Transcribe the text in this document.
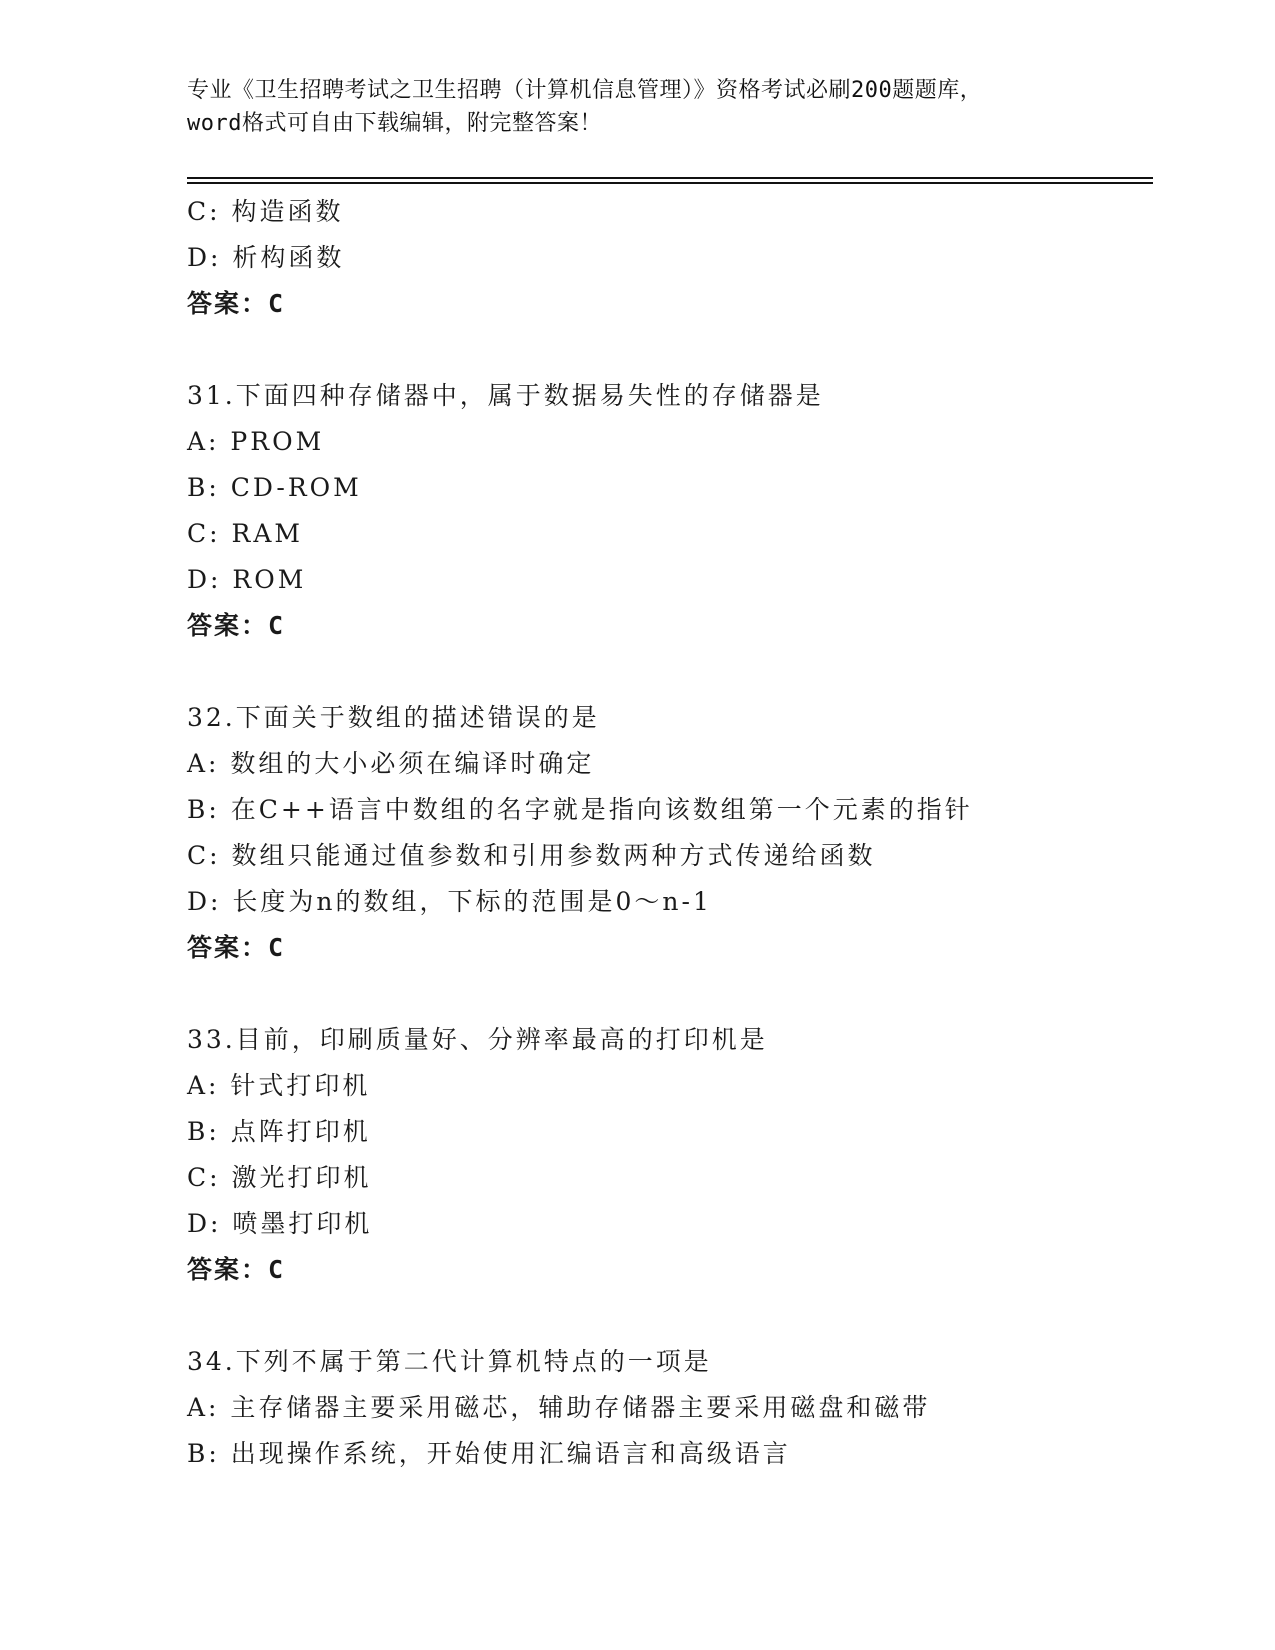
专业《卫生招聘考试之卫生招聘（计算机信息管理）》资格考试必刷200题题库，
word格式可自由下载编辑，附完整答案！
C: 构造函数
D: 析构函数
答案：C
31.下面四种存储器中，属于数据易失性的存储器是
A: PROM
B: CD-ROM
C: RAM
D: ROM
答案：C
32.下面关于数组的描述错误的是
A: 数组的大小必须在编译时确定
B: 在C++语言中数组的名字就是指向该数组第一个元素的指针
C: 数组只能通过值参数和引用参数两种方式传递给函数
D: 长度为n的数组，下标的范围是0～n-1
答案：C
33.目前，印刷质量好、分辨率最高的打印机是
A: 针式打印机
B: 点阵打印机
C: 激光打印机
D: 喷墨打印机
答案：C
34.下列不属于第二代计算机特点的一项是
A: 主存储器主要采用磁芯，辅助存储器主要采用磁盘和磁带
B: 出现操作系统，开始使用汇编语言和高级语言
